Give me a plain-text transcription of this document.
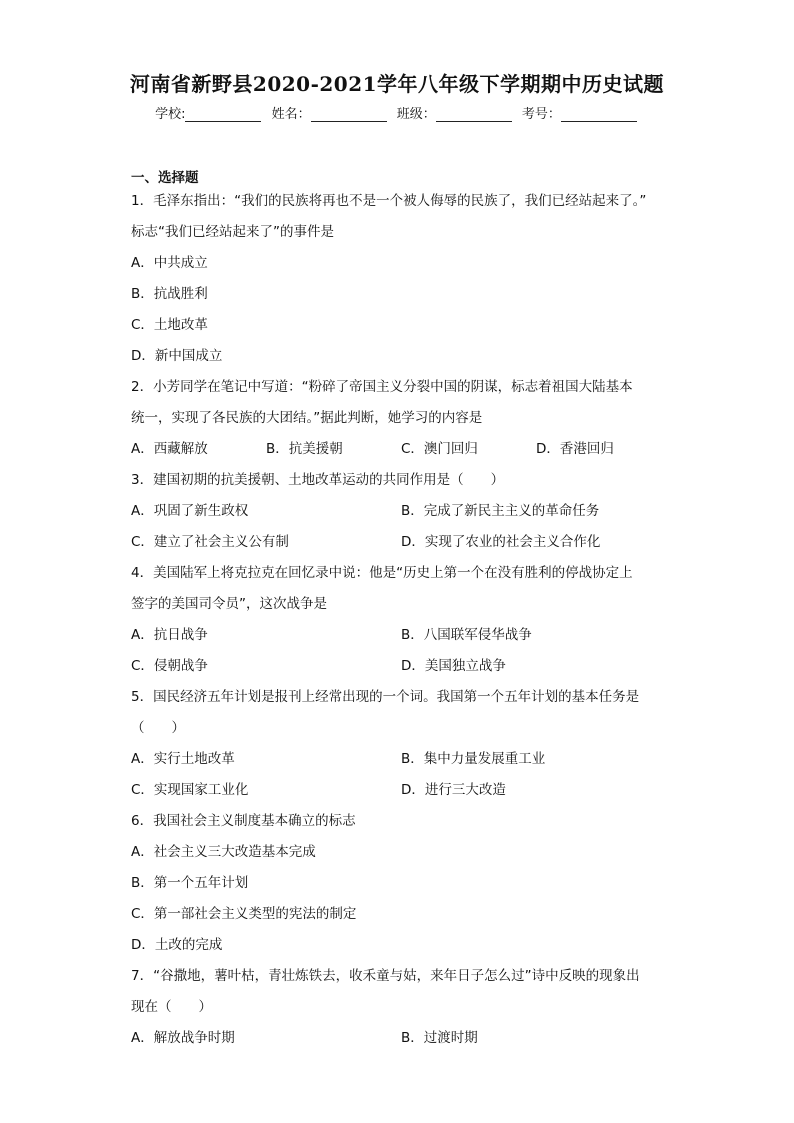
河南省新野县2020-2021学年八年级下学期期中历史试题
学校:	姓名：	班级：	考号：
一、选择题
1．毛泽东指出：“我们的民族将再也不是一个被人侮辱的民族了，我们已经站起来了。”
标志“我们已经站起来了”的事件是
A．中共成立
B．抗战胜利
C．土地改革
D．新中国成立
2．小芳同学在笔记中写道：“粉碎了帝国主义分裂中国的阴谋，标志着祖国大陆基本
统一，实现了各民族的大团结。”据此判断，她学习的内容是
A．西藏解放	B．抗美援朝	C．澳门回归	D．香港回归
3．建国初期的抗美援朝、土地改革运动的共同作用是（　　）
A．巩固了新生政权	B．完成了新民主主义的革命任务
C．建立了社会主义公有制	D．实现了农业的社会主义合作化
4．美国陆军上将克拉克在回忆录中说：他是“历史上第一个在没有胜利的停战协定上
签字的美国司令员”，这次战争是
A．抗日战争	B．八国联军侵华战争
C．侵朝战争	D．美国独立战争
5．国民经济五年计划是报刊上经常出现的一个词。我国第一个五年计划的基本任务是
（　　）
A．实行土地改革	B．集中力量发展重工业
C．实现国家工业化	D．进行三大改造
6．我国社会主义制度基本确立的标志
A．社会主义三大改造基本完成
B．第一个五年计划
C．第一部社会主义类型的宪法的制定
D．土改的完成
7．“谷撒地，薯叶枯，青壮炼铁去，收禾童与姑，来年日子怎么过”诗中反映的现象出
现在（　　）
A．解放战争时期	B．过渡时期
